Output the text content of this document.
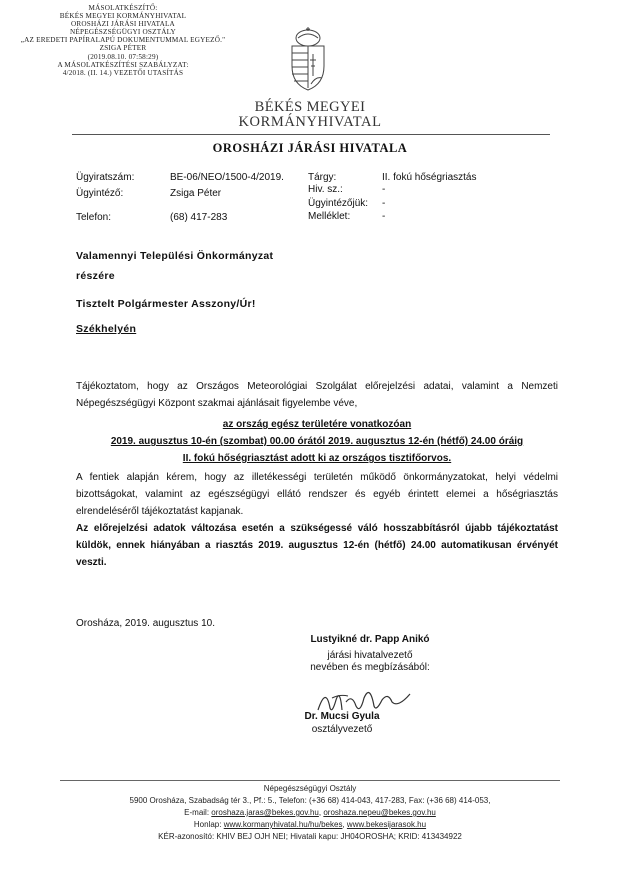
MÁSOLATKÉSZÍTŐ:
BÉKÉS MEGYEI KORMÁNYHIVATAL
OROSHÁZI JÁRÁSI HIVATALA
NÉPEGÉSZSÉGÜGYI OSZTÁLY
„AZ EREDETI PAPÍRALAPÚ DOKUMENTUMMAL EGYEZŐ."
ZSIGA PÉTER
(2019.08.10. 07:58:29)
A MÁSOLATKÉSZÍTÉSI SZABÁLYZAT:
4/2018. (II. 14.) VEZETŐI UTASÍTÁS
BÉKÉS MEGYEI
KORMÁNYHIVATAL
OROSHÁZI JÁRÁSI HIVATALA
Ügyiratszám:	BE-06/NEO/1500-4/2019.
Ügyintéző:	Zsiga Péter
Telefon:	(68) 417-283
Tárgy:	II. fokú hőségriasztás
Hiv. sz.:	-
Ügyintézőjük: -
Melléklet:	-
Valamennyi Települési Önkormányzat
részére
Tisztelt Polgármester Asszony/Úr!
Székhelyén
Tájékoztatom, hogy az Országos Meteorológiai Szolgálat előrejelzési adatai, valamint a Nemzeti Népegészségügyi Központ szakmai ajánlásait figyelembe véve,
az ország egész területére vonatkozóan
2019. augusztus 10-én (szombat) 00.00 órától 2019. augusztus 12-én (hétfő) 24.00 óráig
II. fokú hőségriasztást adott ki az országos tisztifőorvos.
A fentiek alapján kérem, hogy az illetékességi területén működő önkormányzatokat, helyi védelmi bizottságokat, valamint az egészségügyi ellátó rendszer és egyéb érintett elemei a hőségriasztás elrendeléséről tájékoztatást kapjanak.
Az előrejelzési adatok változása esetén a szükségessé váló hosszabbításról újabb tájékoztatást küldök, ennek hiányában a riasztás 2019. augusztus 12-én (hétfő) 24.00 automatikusan érvényét veszti.
Orosháza, 2019. augusztus 10.
Lustyikné dr. Papp Anikó
járási hivatalvezető
nevében és megbízásából:
Dr. Mucsi Gyula
osztályvezető
Népegészségügyi Osztály
5900 Orosháza, Szabadság tér 3., Pf.: 5., Telefon: (+36 68) 414-043, 417-283, Fax: (+36 68) 414-053,
E-mail: oroshaza.jaras@bekes.gov.hu, oroshaza.nepeu@bekes.gov.hu
Honlap: www.kormanyhivatal.hu/hu/bekes, www.bekesijarasok.hu
KÉR-azonosító: KHIV BEJ OJH NEI; Hivatali kapu: JH04OROSHA; KRID: 413434922
